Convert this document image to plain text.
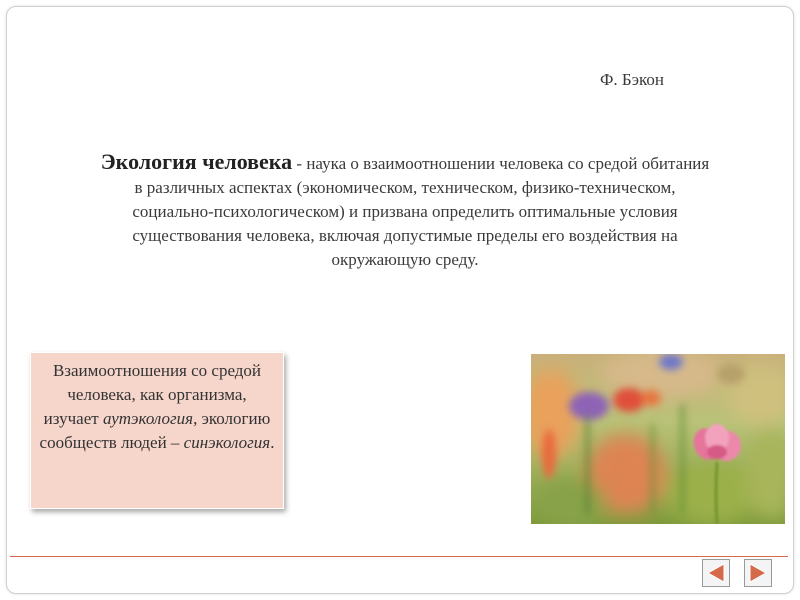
Ф. Бэкон
Экология человека - наука о взаимоотношении человека со средой обитания в различных аспектах (экономическом, техническом, физико-техническом, социально-психологическом) и призвана определить оптимальные условия существования человека, включая допустимые пределы его воздействия на окружающую среду.
Взаимоотношения со средой человека, как организма, изучает аутэкология, экологию сообществ людей – синэкология.
